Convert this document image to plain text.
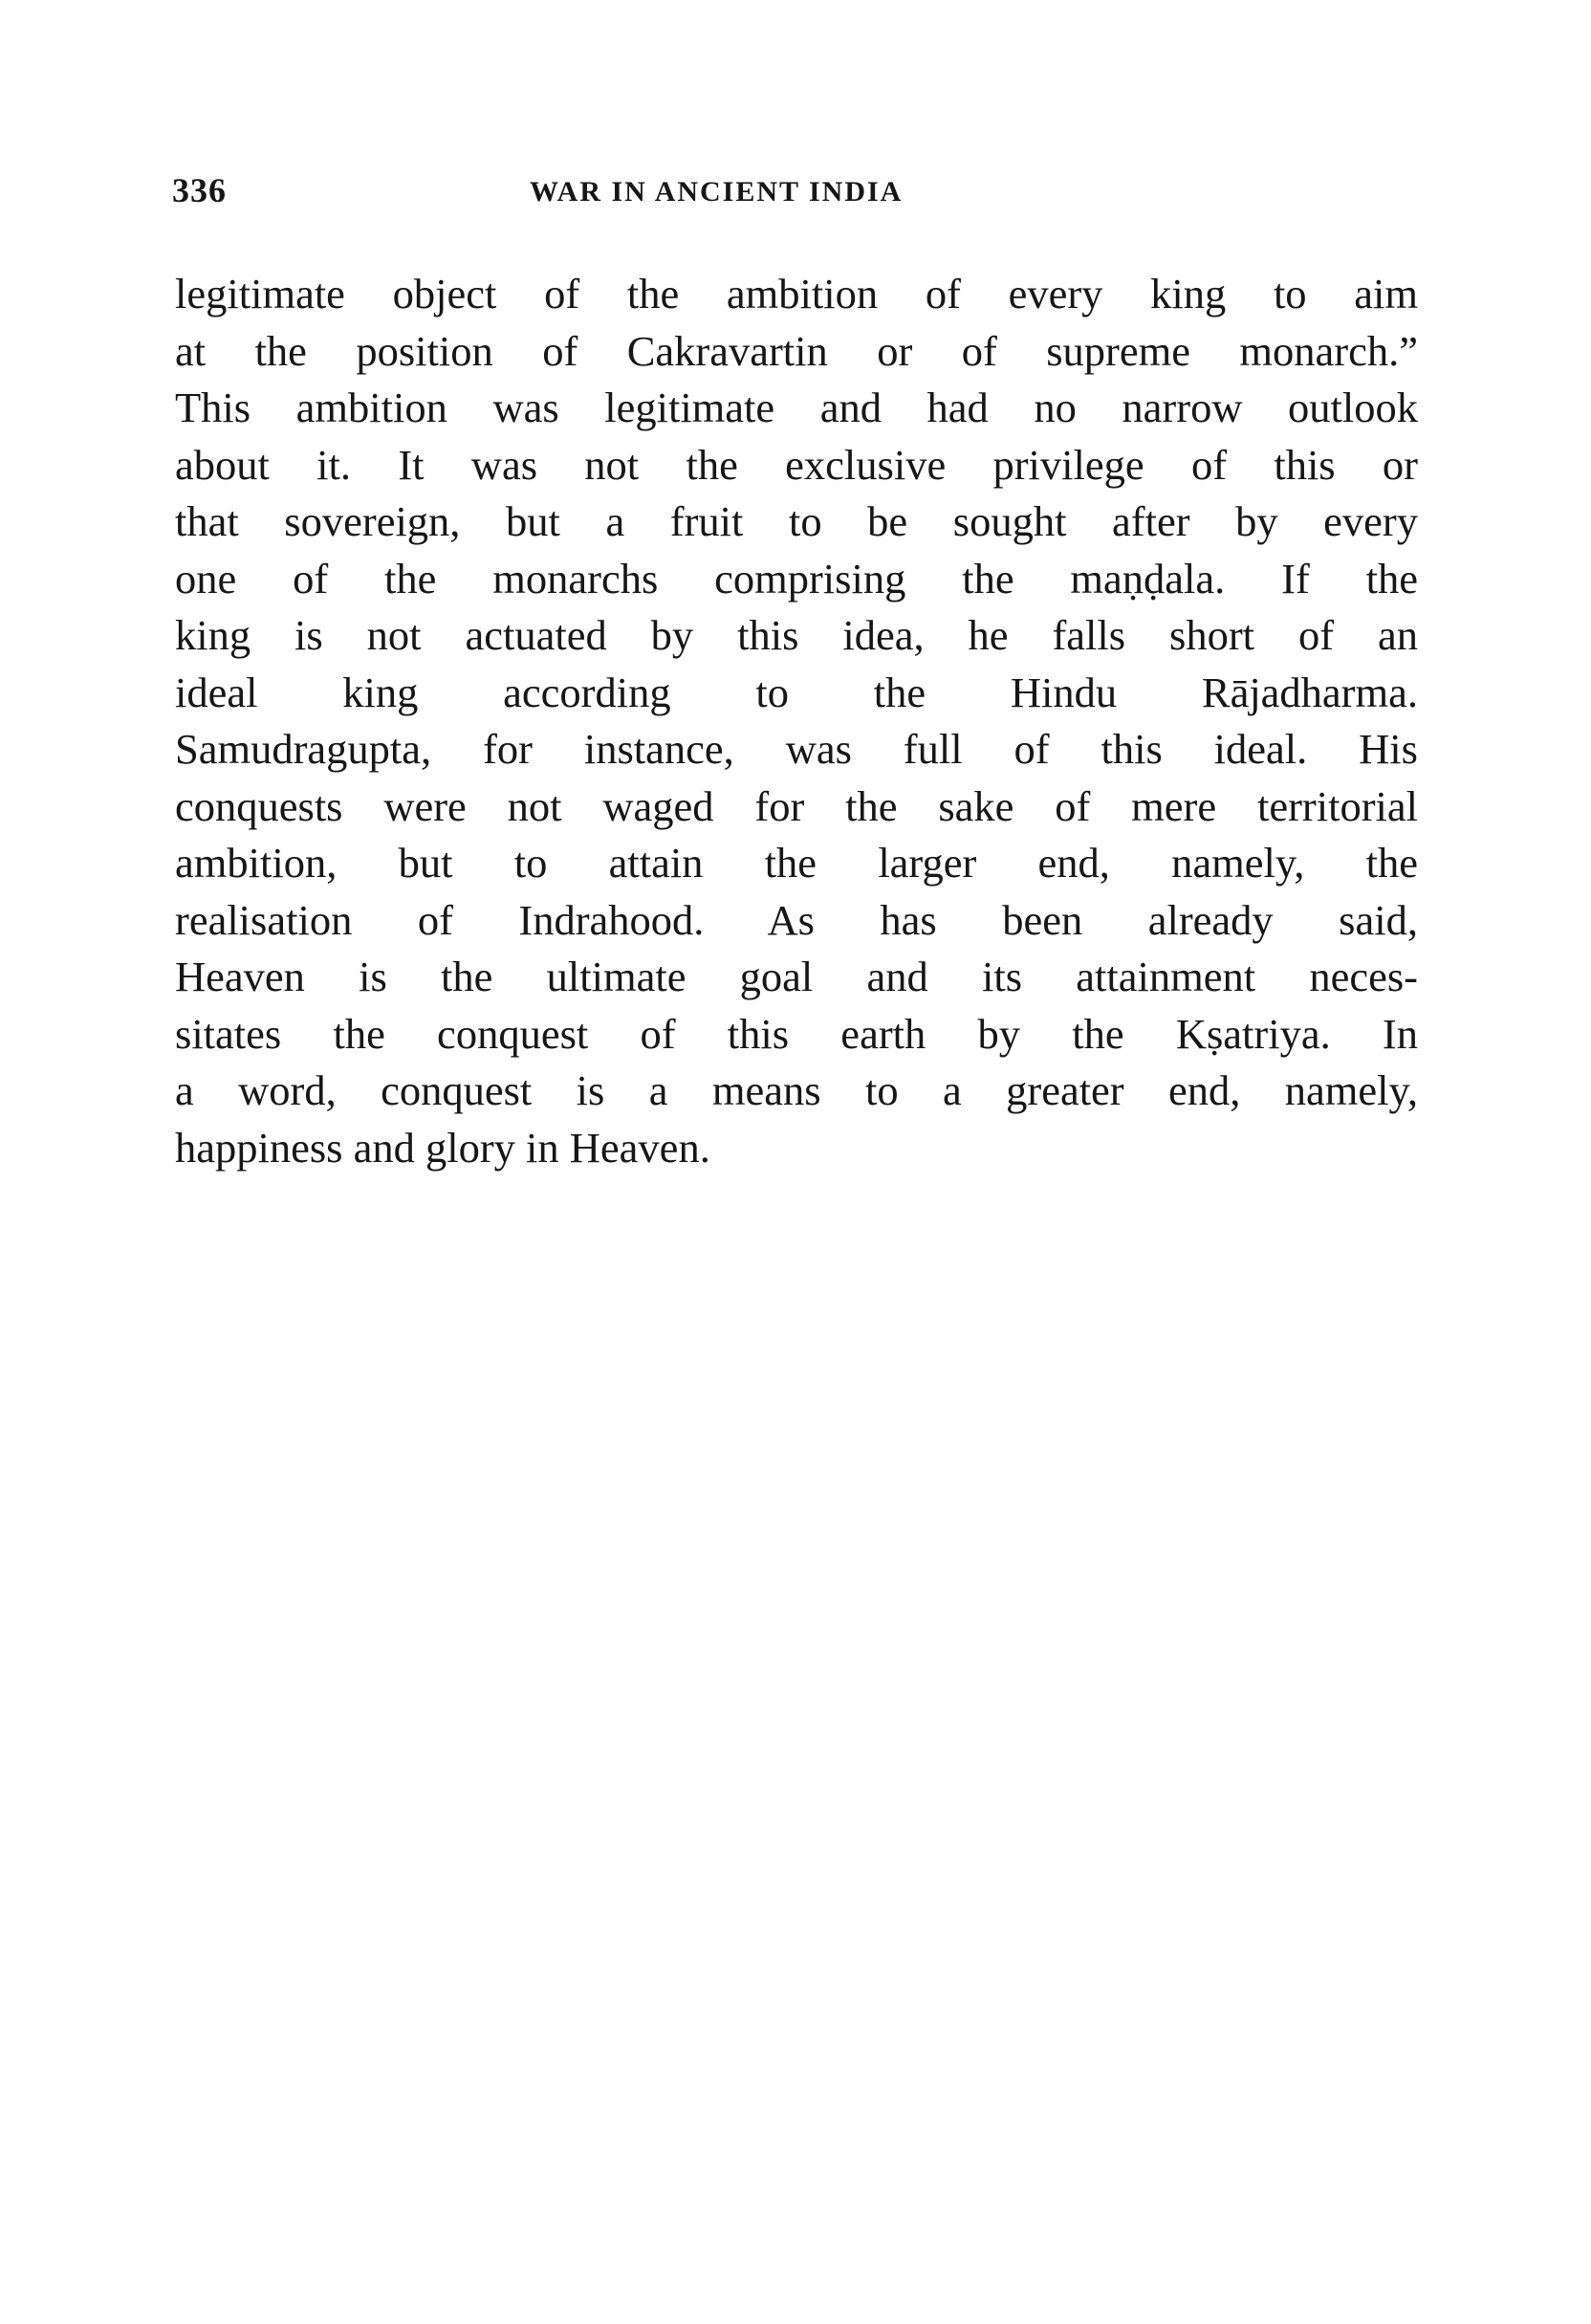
336	WAR IN ANCIENT INDIA
legitimate object of the ambition of every king to aim
at the position of Cakravartin or of supreme monarch.”
This ambition was legitimate and had no narrow outlook
about it. It was not the exclusive privilege of this or
that sovereign, but a fruit to be sought after by every
one of the monarchs comprising the maṇḍala. If the
king is not actuated by this idea, he falls short of an
ideal king according to the Hindu Rājadharma.
Samudragupta, for instance, was full of this ideal. His
conquests were not waged for the sake of mere territorial
ambition, but to attain the larger end, namely, the
realisation of Indrahood. As has been already said,
Heaven is the ultimate goal and its attainment neces-
sitates the conquest of this earth by the Kṣatriya. In
a word, conquest is a means to a greater end, namely,
happiness and glory in Heaven.
